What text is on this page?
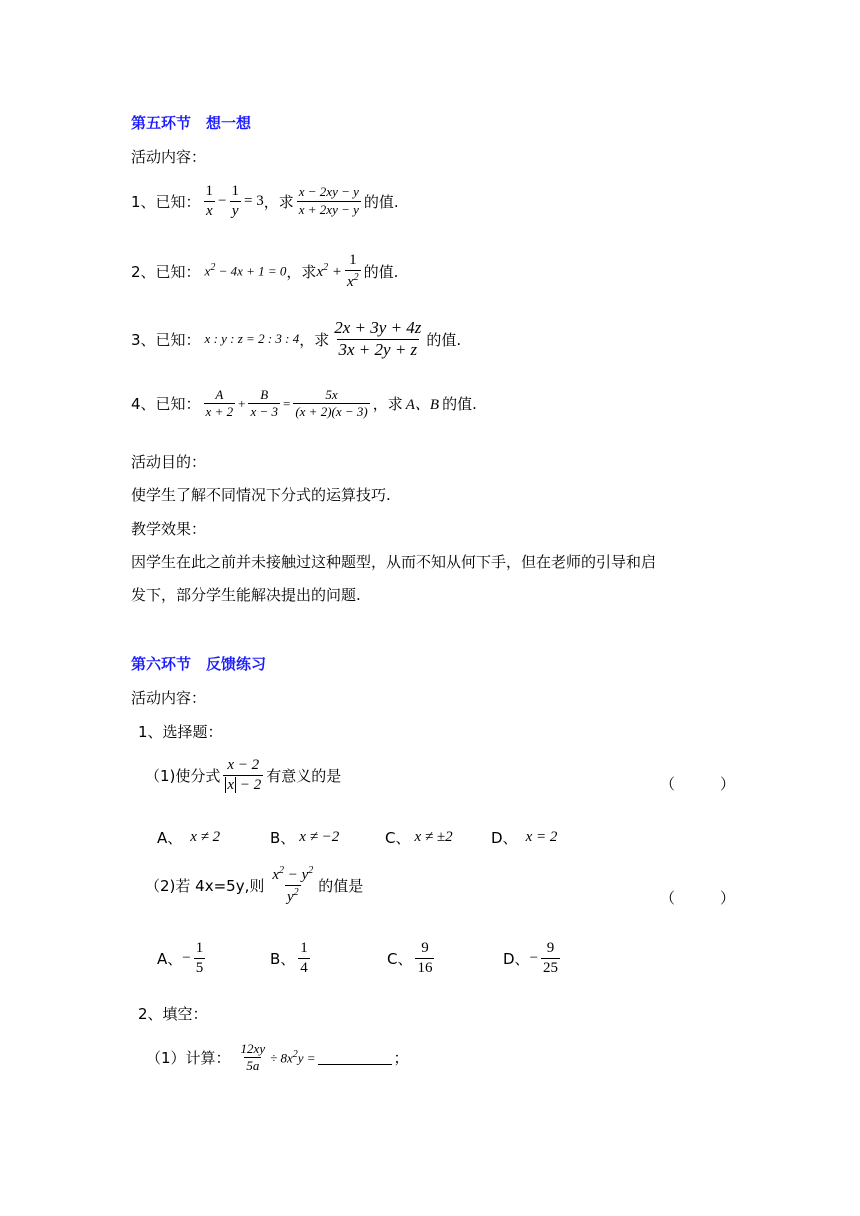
第五环节　想一想
活动内容：
1、已知： $\frac{1}{x} - \frac{1}{y} = 3$ ，求 $\frac{x - 2xy - y}{x + 2xy - y}$ 的值.
2、已知： $x^2 - 4x + 1 = 0$ ，求 $x^2 + \frac{1}{x^2}$ 的值.
3、已知： x : y : z = 2 : 3 : 4 ，求 $\frac{2x + 3y + 4z}{3x + 2y + z}$ 的值.
4、已知： $\frac{A}{x + 2} + \frac{B}{x - 3} = \frac{5x}{(x + 2)(x - 3)}$ ，求 A、B 的值.
活动目的：
使学生了解不同情况下分式的运算技巧.
教学效果：
因学生在此之前并未接触过这种题型，从而不知从何下手，但在老师的引导和启
发下，部分学生能解决提出的问题.
第六环节　反馈练习
活动内容：
1、选择题：
（1)使分式 $\frac{x - 2}{x - 2}$ 有意义的是	（　　　）
A、 x ≠ 2	B、 x ≠ −2	C、 x ≠ ±2	D、 x = 2
（2)若 4x=5y,则 $\frac{x^2 - y^2}{y^2}$ 的值是
（　　　）
A、 − $\frac{1}{5}$	B、 $\frac{1}{4}$	C、 $\frac{9}{16}$	D、 − $\frac{9}{25}$
2、填空：
（1）计算： $\frac{12xy}{5a} \div 8x^2y$ =	；
